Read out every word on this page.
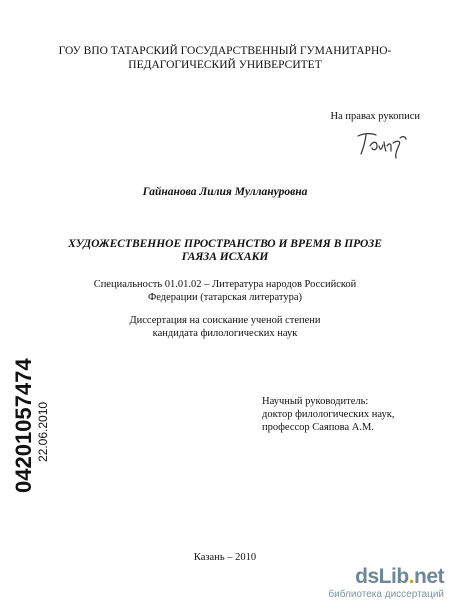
ГОУ ВПО ТАТАРСКИЙ ГОСУДАРСТВЕННЫЙ ГУМАНИТАРНО-
ПЕДАГОГИЧЕСКИЙ УНИВЕРСИТЕТ
На правах рукописи
Гайнанова Лилия Муллануровна
ХУДОЖЕСТВЕННОЕ ПРОСТРАНСТВО И ВРЕМЯ В ПРОЗЕ
ГАЯЗА ИСХАКИ
Специальность 01.01.02 – Литература народов Российской
Федерации (татарская литература)
Диссертация на соискание ученой степени
кандидата филологических наук
Научный руководитель:
доктор филологических наук,
профессор Саяпова А.М.
Казань – 2010
04201057474 22.06.2010
dsLib.net
библиотека диссертаций
